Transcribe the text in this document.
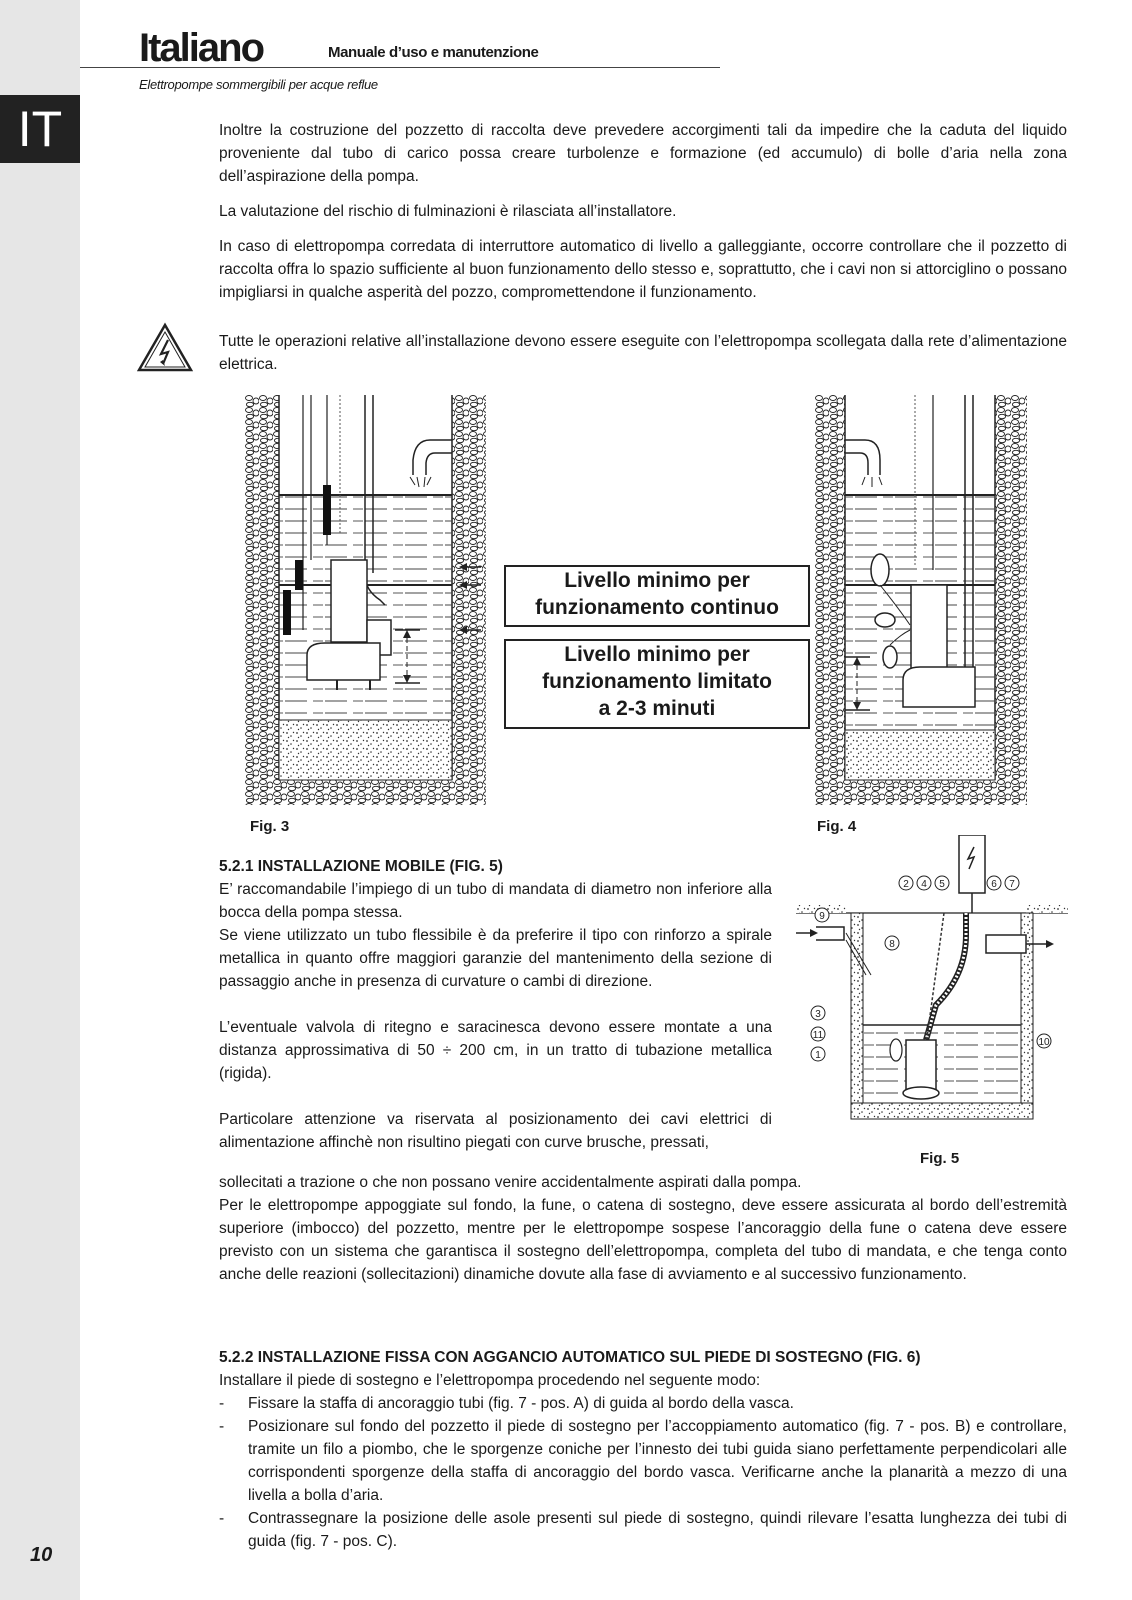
IT
10
Italiano	Manuale d’uso e manutenzione
Elettropompe sommergibili per acque reflue

Inoltre la costruzione del pozzetto di raccolta deve prevedere accorgimenti tali da impedire che la caduta del liquido proveniente dal tubo di carico possa creare turbolenze e formazione (ed accumulo) di bolle d’aria nella zona dell’aspirazione della pompa.

La valutazione del rischio di fulminazioni è rilasciata all’installatore.

In caso di elettropompa corredata di interruttore automatico di livello a galleggiante, occorre controllare che il pozzetto di raccolta offra lo spazio sufficiente al buon funzionamento dello stesso e, soprattutto, che i cavi non si attorciglino o possano impigliarsi in qualche asperità del pozzo, compromettendone il funzionamento.

Tutte le operazioni relative all’installazione devono essere eseguite con l’elettropompa scollegata dalla rete d’alimentazione elettrica.
Fig. 3
Livello minimo per
funzionamento continuo
Livello minimo per
funzionamento limitato
a 2-3 minuti
Fig. 4
5.2.1 INSTALLAZIONE MOBILE (FIG. 5)
E’ raccomandabile l’impiego di un tubo di mandata di diametro non inferiore alla bocca della pompa stessa.
Se viene utilizzato un tubo flessibile è da preferire il tipo con rinforzo a spirale metallica in quanto offre maggiori garanzie del mantenimento della sezione di passaggio anche in presenza di curvature o cambi di direzione.
L’eventuale valvola di ritegno e saracinesca devono essere montate a una distanza approssimativa di 50 ÷ 200 cm, in un tratto di tubazione metallica (rigida).
Particolare attenzione va riservata al posizionamento dei cavi elettrici di alimentazione affinchè non risultino piegati con curve brusche, pressati,
2 4 5	6 7
9
8
3
11
1
10
Fig. 5
sollecitati a trazione o che non possano venire accidentalmente aspirati dalla pompa.
Per le elettropompe appoggiate sul fondo, la fune, o catena di sostegno, deve essere assicurata al bordo dell’estremità superiore (imbocco) del pozzetto, mentre per le elettropompe sospese l’ancoraggio della fune o catena deve essere previsto con un sistema che garantisca il sostegno dell’elettropompa, completa del tubo di mandata, e che tenga conto anche delle reazioni (sollecitazioni) dinamiche dovute alla fase di avviamento e al successivo funzionamento.
5.2.2 INSTALLAZIONE FISSA CON AGGANCIO AUTOMATICO SUL PIEDE DI SOSTEGNO (FIG. 6)
Installare il piede di sostegno e l’elettropompa procedendo nel seguente modo:
- Fissare la staffa di ancoraggio tubi (fig. 7 - pos. A) di guida al bordo della vasca.
- Posizionare sul fondo del pozzetto il piede di sostegno per l’accoppiamento automatico (fig. 7 - pos. B) e controllare, tramite un filo a piombo, che le sporgenze coniche per l’innesto dei tubi guida siano perfettamente perpendicolari alle corrispondenti sporgenze della staffa di ancoraggio del bordo vasca. Verificarne anche la planarità a mezzo di una livella a bolla d’aria.
- Contrassegnare la posizione delle asole presenti sul piede di sostegno, quindi rilevare l’esatta lunghezza dei tubi di guida (fig. 7 - pos. C).
